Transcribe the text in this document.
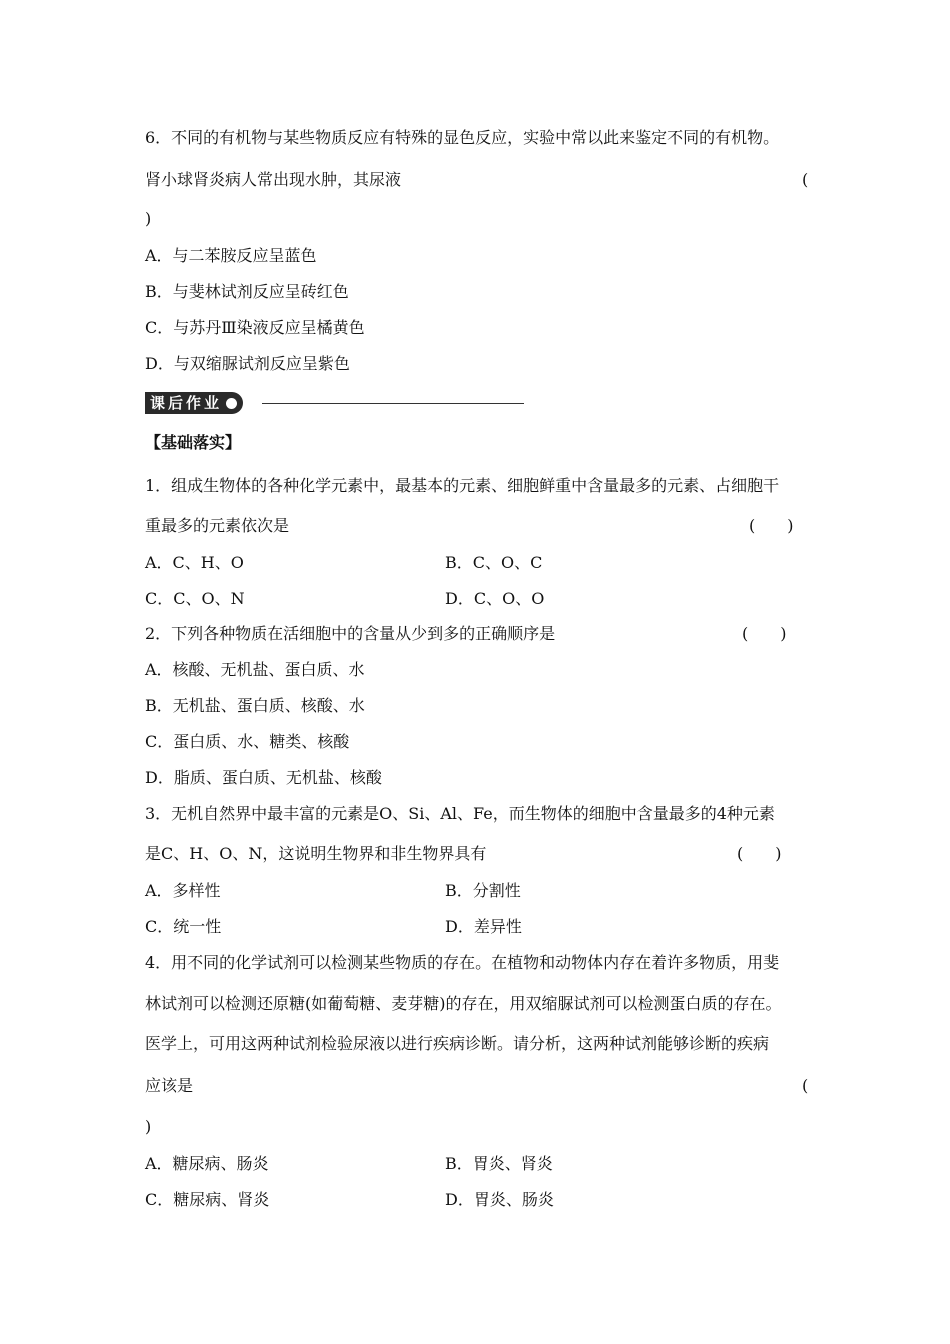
6．不同的有机物与某些物质反应有特殊的显色反应，实验中常以此来鉴定不同的有机物。
肾小球肾炎病人常出现水肿，其尿液	(
)
A．与二苯胺反应呈蓝色
B．与斐林试剂反应呈砖红色
C．与苏丹Ⅲ染液反应呈橘黄色
D．与双缩脲试剂反应呈紫色
课后作业
【基础落实】
1．组成生物体的各种化学元素中，最基本的元素、细胞鲜重中含量最多的元素、占细胞干
重最多的元素依次是	(　　)
A．C、H、O	B．C、O、C
C．C、O、N	D．C、O、O
2．下列各种物质在活细胞中的含量从少到多的正确顺序是	(　　)
A．核酸、无机盐、蛋白质、水
B．无机盐、蛋白质、核酸、水
C．蛋白质、水、糖类、核酸
D．脂质、蛋白质、无机盐、核酸
3．无机自然界中最丰富的元素是O、Si、Al、Fe，而生物体的细胞中含量最多的4种元素
是C、H、O、N，这说明生物界和非生物界具有	(　　)
A．多样性	B．分割性
C．统一性	D．差异性
4．用不同的化学试剂可以检测某些物质的存在。在植物和动物体内存在着许多物质，用斐
林试剂可以检测还原糖(如葡萄糖、麦芽糖)的存在，用双缩脲试剂可以检测蛋白质的存在。
医学上，可用这两种试剂检验尿液以进行疾病诊断。请分析，这两种试剂能够诊断的疾病
应该是	(
)
A．糖尿病、肠炎	B．胃炎、肾炎
C．糖尿病、肾炎	D．胃炎、肠炎
